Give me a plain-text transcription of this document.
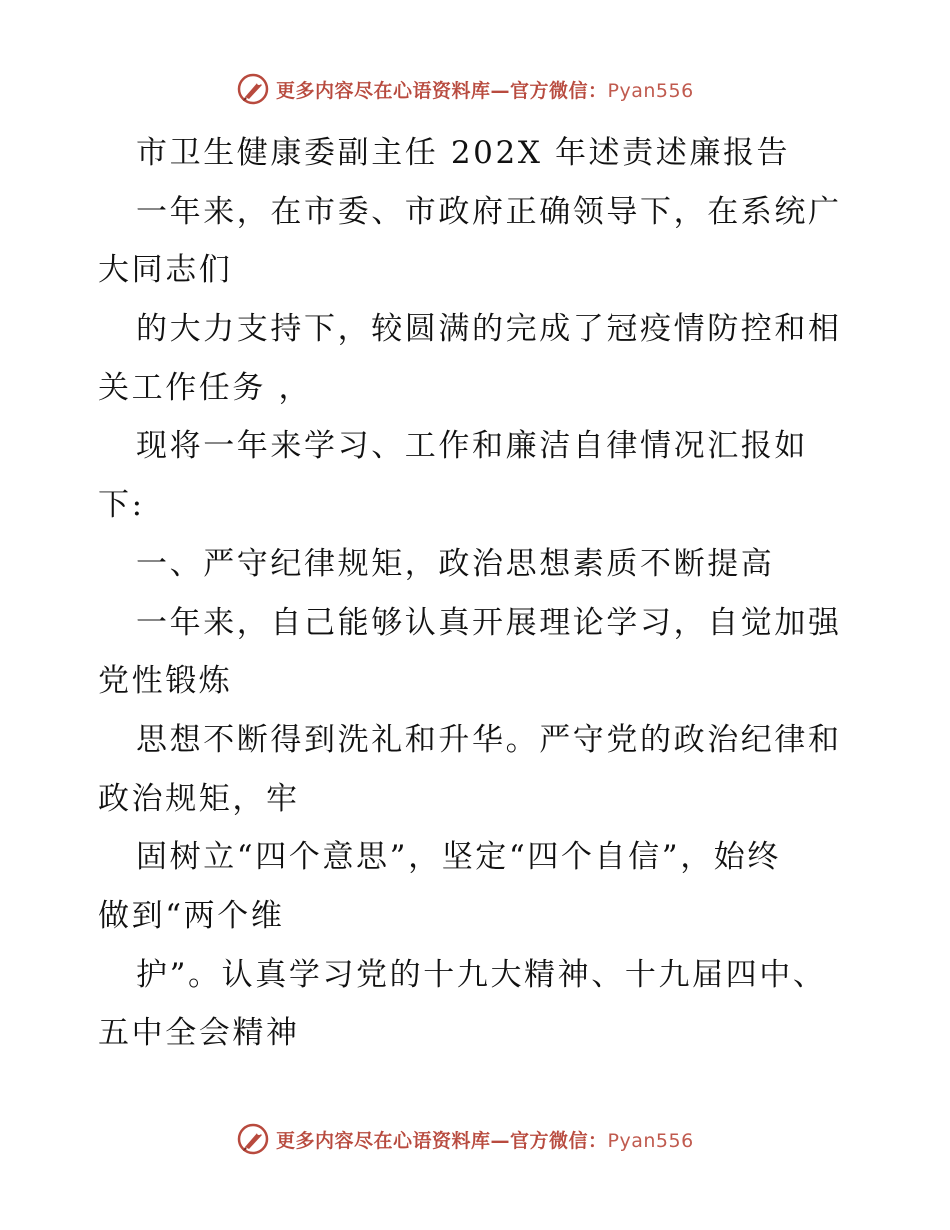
更多内容尽在心语资料库—官方微信：Pyan556
市卫生健康委副主任 202X 年述责述廉报告
一年来，在市委、市政府正确领导下，在系统广
大同志们
的大力支持下，较圆满的完成了冠疫情防控和相
关工作任务 ，
现将一年来学习、工作和廉洁自律情况汇报如
下:
一、严守纪律规矩，政治思想素质不断提高
一年来，自己能够认真开展理论学习，自觉加强
党性锻炼
思想不断得到洗礼和升华。严守党的政治纪律和
政治规矩，牢
固树立“四个意思”，坚定“四个自信”，始终
做到“两个维
护”。认真学习党的十九大精神、十九届四中、
五中全会精神
更多内容尽在心语资料库—官方微信：Pyan556
